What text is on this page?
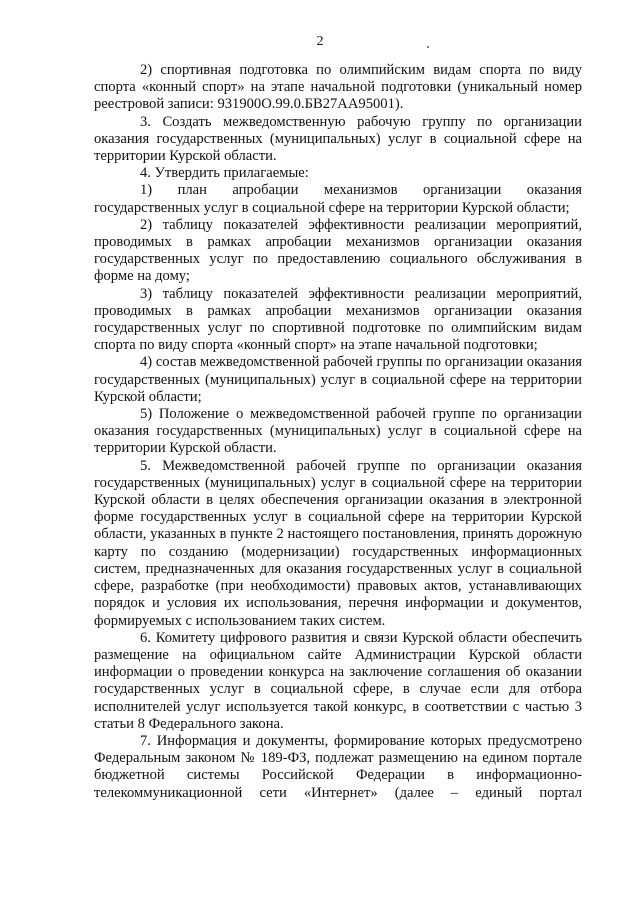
2

2) спортивная подготовка по олимпийским видам спорта по виду спорта «конный спорт» на этапе начальной подготовки (уникальный номер реестровой записи: 931900О.99.0.БВ27АА95001).

3. Создать межведомственную рабочую группу по организации оказания государственных (муниципальных) услуг в социальной сфере на территории Курской области.

4. Утвердить прилагаемые:

1) план апробации механизмов организации оказания государственных услуг в социальной сфере на территории Курской области;

2) таблицу показателей эффективности реализации мероприятий, проводимых в рамках апробации механизмов организации оказания государственных услуг по предоставлению социального обслуживания в форме на дому;

3) таблицу показателей эффективности реализации мероприятий, проводимых в рамках апробации механизмов организации оказания государственных услуг по спортивной подготовке по олимпийским видам спорта по виду спорта «конный спорт» на этапе начальной подготовки;

4) состав межведомственной рабочей группы по организации оказания государственных (муниципальных) услуг в социальной сфере на территории Курской области;

5) Положение о межведомственной рабочей группе по организации оказания государственных (муниципальных) услуг в социальной сфере на территории Курской области.

5. Межведомственной рабочей группе по организации оказания государственных (муниципальных) услуг в социальной сфере на территории Курской области в целях обеспечения организации оказания в электронной форме государственных услуг в социальной сфере на территории Курской области, указанных в пункте 2 настоящего постановления, принять дорожную карту по созданию (модернизации) государственных информационных систем, предназначенных для оказания государственных услуг в социальной сфере, разработке (при необходимости) правовых актов, устанавливающих порядок и условия их использования, перечня информации и документов, формируемых с использованием таких систем.

6. Комитету цифрового развития и связи Курской области обеспечить размещение на официальном сайте Администрации Курской области информации о проведении конкурса на заключение соглашения об оказании государственных услуг в социальной сфере, в случае если для отбора исполнителей услуг используется такой конкурс, в соответствии с частью 3 статьи 8 Федерального закона.

7. Информация и документы, формирование которых предусмотрено Федеральным законом № 189-ФЗ, подлежат размещению на едином портале бюджетной системы Российской Федерации в информационно-телекоммуникационной сети «Интернет» (далее – единый портал
